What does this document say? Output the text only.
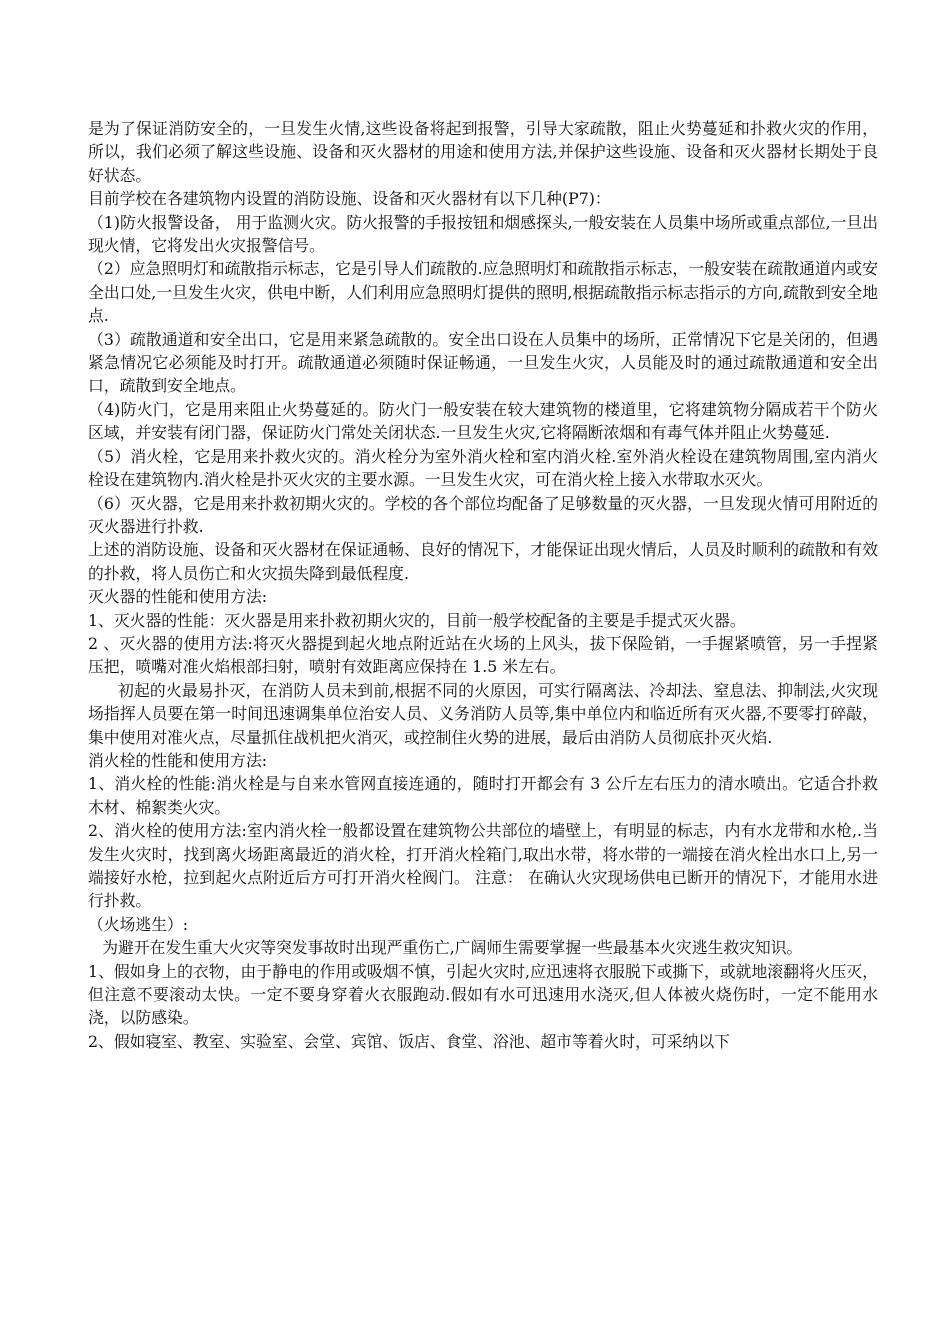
是为了保证消防安全的，一旦发生火情,这些设备将起到报警，引导大家疏散，阻止火势蔓延和扑救火灾的作用，所以，我们必须了解这些设施、设备和灭火器材的用途和使用方法,并保护这些设施、设备和灭火器材长期处于良好状态。

目前学校在各建筑物内设置的消防设施、设备和灭火器材有以下几种(P7)：

（1)防火报警设备， 用于监测火灾。防火报警的手报按钮和烟感探头,一般安装在人员集中场所或重点部位,一旦出现火情，它将发出火灾报警信号。

（2）应急照明灯和疏散指示标志，它是引导人们疏散的.应急照明灯和疏散指示标志，一般安装在疏散通道内或安全出口处,一旦发生火灾，供电中断，人们利用应急照明灯提供的照明,根据疏散指示标志指示的方向,疏散到安全地点.

（3）疏散通道和安全出口，它是用来紧急疏散的。安全出口设在人员集中的场所，正常情况下它是关闭的，但遇紧急情况它必须能及时打开。疏散通道必须随时保证畅通，一旦发生火灾，人员能及时的通过疏散通道和安全出口，疏散到安全地点。

（4)防火门，它是用来阻止火势蔓延的。防火门一般安装在较大建筑物的楼道里，它将建筑物分隔成若干个防火区域，并安装有闭门器，保证防火门常处关闭状态.一旦发生火灾,它将隔断浓烟和有毒气体并阻止火势蔓延.

（5）消火栓，它是用来扑救火灾的。消火栓分为室外消火栓和室内消火栓.室外消火栓设在建筑物周围,室内消火栓设在建筑物内.消火栓是扑灭火灾的主要水源。一旦发生火灾，可在消火栓上接入水带取水灭火。

（6）灭火器，它是用来扑救初期火灾的。学校的各个部位均配备了足够数量的灭火器，一旦发现火情可用附近的灭火器进行扑救.

上述的消防设施、设备和灭火器材在保证通畅、良好的情况下，才能保证出现火情后，人员及时顺利的疏散和有效的扑救，将人员伤亡和火灾损失降到最低程度.

灭火器的性能和使用方法:

1、灭火器的性能：灭火器是用来扑救初期火灾的，目前一般学校配备的主要是手提式灭火器。

2 、灭火器的使用方法:将灭火器提到起火地点附近站在火场的上风头，拔下保险销，一手握紧喷管，另一手捏紧压把，喷嘴对准火焰根部扫射，喷射有效距离应保持在 1.5 米左右。

初起的火最易扑灭，在消防人员未到前,根据不同的火原因，可实行隔离法、冷却法、窒息法、抑制法,火灾现场指挥人员要在第一时间迅速调集单位治安人员、义务消防人员等,集中单位内和临近所有灭火器,不要零打碎敲，集中使用对准火点，尽量抓住战机把火消灭，或控制住火势的进展，最后由消防人员彻底扑灭火焰.

消火栓的性能和使用方法:

1、消火栓的性能:消火栓是与自来水管网直接连通的，随时打开都会有 3 公斤左右压力的清水喷出。它适合扑救木材、棉絮类火灾。

2、消火栓的使用方法:室内消火栓一般都设置在建筑物公共部位的墙壁上，有明显的标志，内有水龙带和水枪,.当发生火灾时，找到离火场距离最近的消火栓，打开消火栓箱门,取出水带，将水带的一端接在消火栓出水口上,另一端接好水枪，拉到起火点附近后方可打开消火栓阀门。 注意： 在确认火灾现场供电已断开的情况下，才能用水进行扑救。

（火场逃生）:

为避开在发生重大火灾等突发事故时出现严重伤亡,广阔师生需要掌握一些最基本火灾逃生救灾知识。

1、假如身上的衣物，由于静电的作用或吸烟不慎，引起火灾时,应迅速将衣服脱下或撕下，或就地滚翻将火压灭，但注意不要滚动太快。一定不要身穿着火衣服跑动.假如有水可迅速用水浇灭,但人体被火烧伤时，一定不能用水浇，以防感染。

2、假如寝室、教室、实验室、会堂、宾馆、饭店、食堂、浴池、超市等着火时，可采纳以下
